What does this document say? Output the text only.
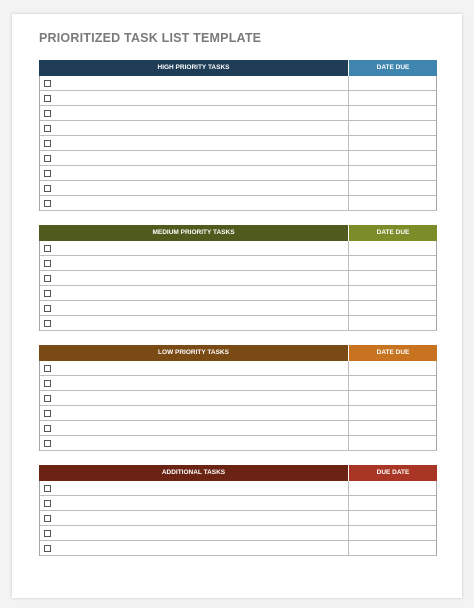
PRIORITIZED TASK LIST TEMPLATE
HIGH PRIORITY TASKS	DATE DUE
MEDIUM PRIORITY TASKS	DATE DUE
LOW PRIORITY TASKS	DATE DUE
ADDITIONAL TASKS	DUE DATE
